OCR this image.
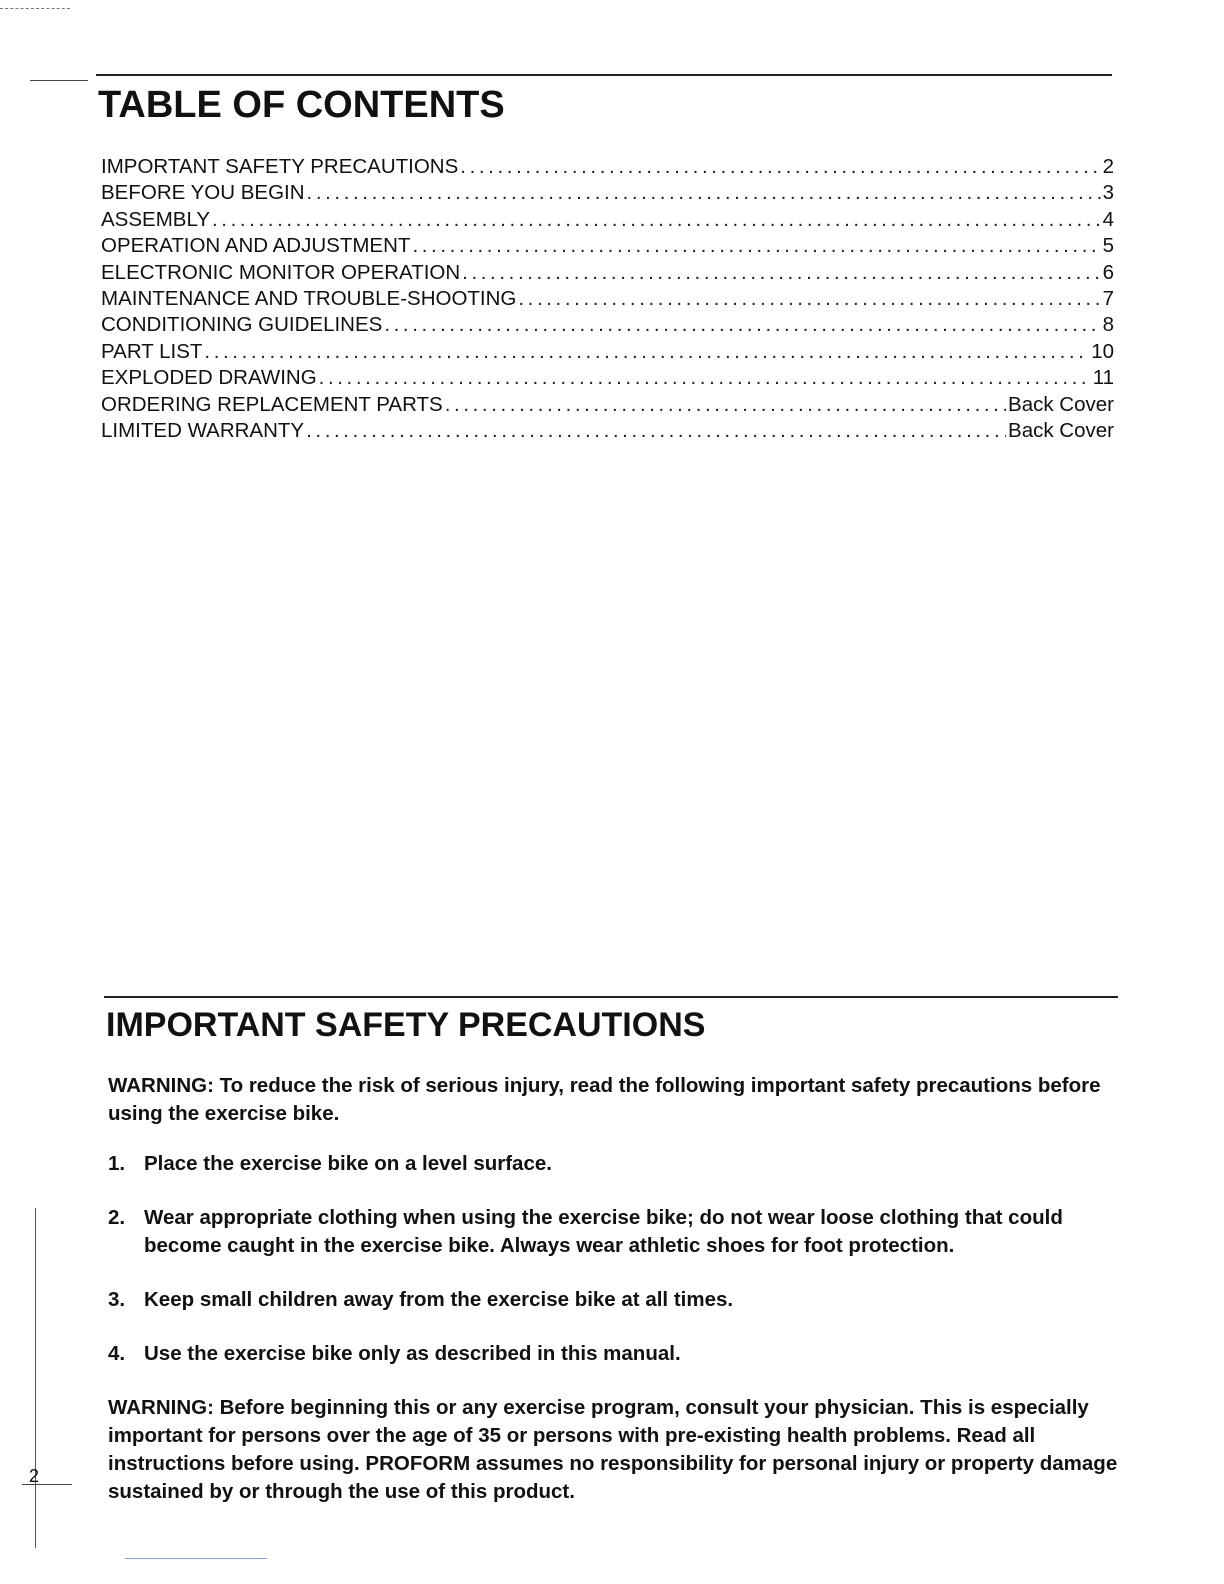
TABLE OF CONTENTS
IMPORTANT SAFETY PRECAUTIONS .....	2
BEFORE YOU BEGIN .....	3
ASSEMBLY .....	4
OPERATION AND ADJUSTMENT .....	5
ELECTRONIC MONITOR OPERATION .....	6
MAINTENANCE AND TROUBLE-SHOOTING .....	7
CONDITIONING GUIDELINES .....	8
PART LIST .....	10
EXPLODED DRAWING .....	11
ORDERING REPLACEMENT PARTS .....	Back Cover
LIMITED WARRANTY .....	Back Cover
IMPORTANT SAFETY PRECAUTIONS

WARNING: To reduce the risk of serious injury, read the following important safety precautions before using the exercise bike.

1. Place the exercise bike on a level surface.
2. Wear appropriate clothing when using the exercise bike; do not wear loose clothing that could become caught in the exercise bike. Always wear athletic shoes for foot protection.
3. Keep small children away from the exercise bike at all times.
4. Use the exercise bike only as described in this manual.

WARNING: Before beginning this or any exercise program, consult your physician. This is especially important for persons over the age of 35 or persons with pre-existing health problems. Read all instructions before using. PROFORM assumes no responsibility for personal injury or property damage sustained by or through the use of this product.

2
